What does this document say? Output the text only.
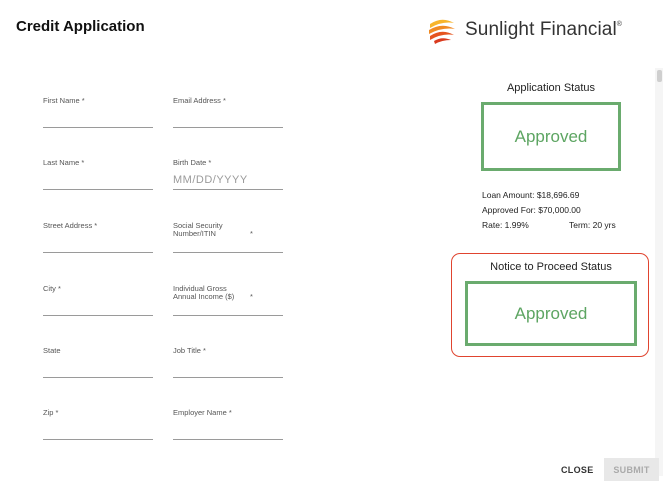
Credit Application	Sunlight Financial®
First Name *	Email Address *
Last Name *	Birth Date *
MM/DD/YYYY
Street Address *	Social Security
Number/ITIN	*
City *	Individual Gross
Annual Income ($) *
State	Job Title *
Zip *	Employer Name *
Application Status
Approved
Loan Amount: $18,696.69
Approved For: $70,000.00
Rate: 1.99%	Term: 20 yrs
Notice to Proceed Status
Approved
CLOSE	SUBMIT
